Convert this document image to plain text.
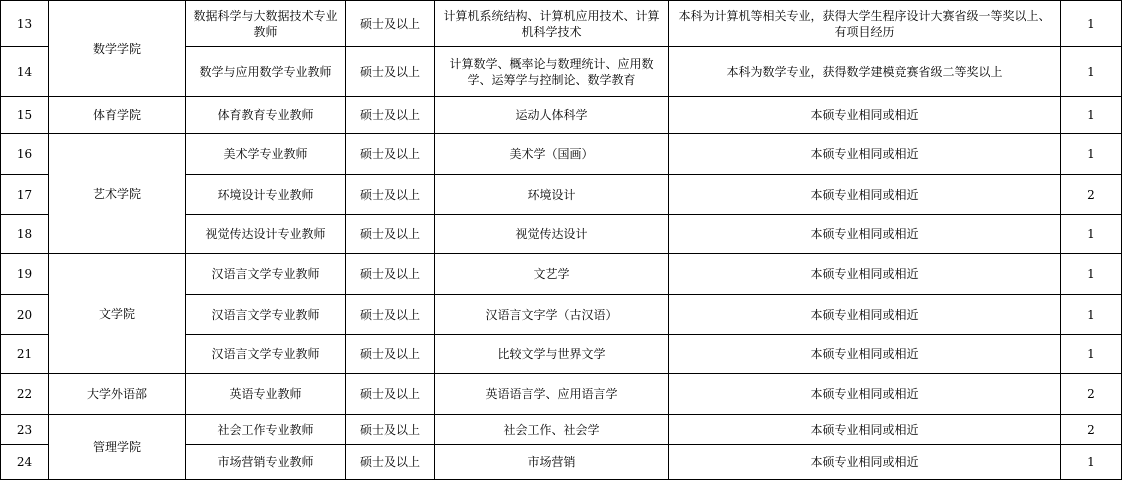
13	数学学院	数据科学与大数据技术专业教师	硕士及以上	计算机系统结构、计算机应用技术、计算机科学技术	本科为计算机等相关专业，获得大学生程序设计大赛省级一等奖以上、有项目经历	1
14		数学与应用数学专业教师	硕士及以上	计算数学、概率论与数理统计、应用数学、运筹学与控制论、数学教育	本科为数学专业，获得数学建模竞赛省级二等奖以上	1
15	体育学院	体育教育专业教师	硕士及以上	运动人体科学	本硕专业相同或相近	1
16	艺术学院	美术学专业教师	硕士及以上	美术学（国画）	本硕专业相同或相近	1
17		环境设计专业教师	硕士及以上	环境设计	本硕专业相同或相近	2
18		视觉传达设计专业教师	硕士及以上	视觉传达设计	本硕专业相同或相近	1
19	文学院	汉语言文学专业教师	硕士及以上	文艺学	本硕专业相同或相近	1
20		汉语言文学专业教师	硕士及以上	汉语言文字学（古汉语）	本硕专业相同或相近	1
21		汉语言文学专业教师	硕士及以上	比较文学与世界文学	本硕专业相同或相近	1
22	大学外语部	英语专业教师	硕士及以上	英语语言学、应用语言学	本硕专业相同或相近	2
23	管理学院	社会工作专业教师	硕士及以上	社会工作、社会学	本硕专业相同或相近	2
24		市场营销专业教师	硕士及以上	市场营销	本硕专业相同或相近	1
